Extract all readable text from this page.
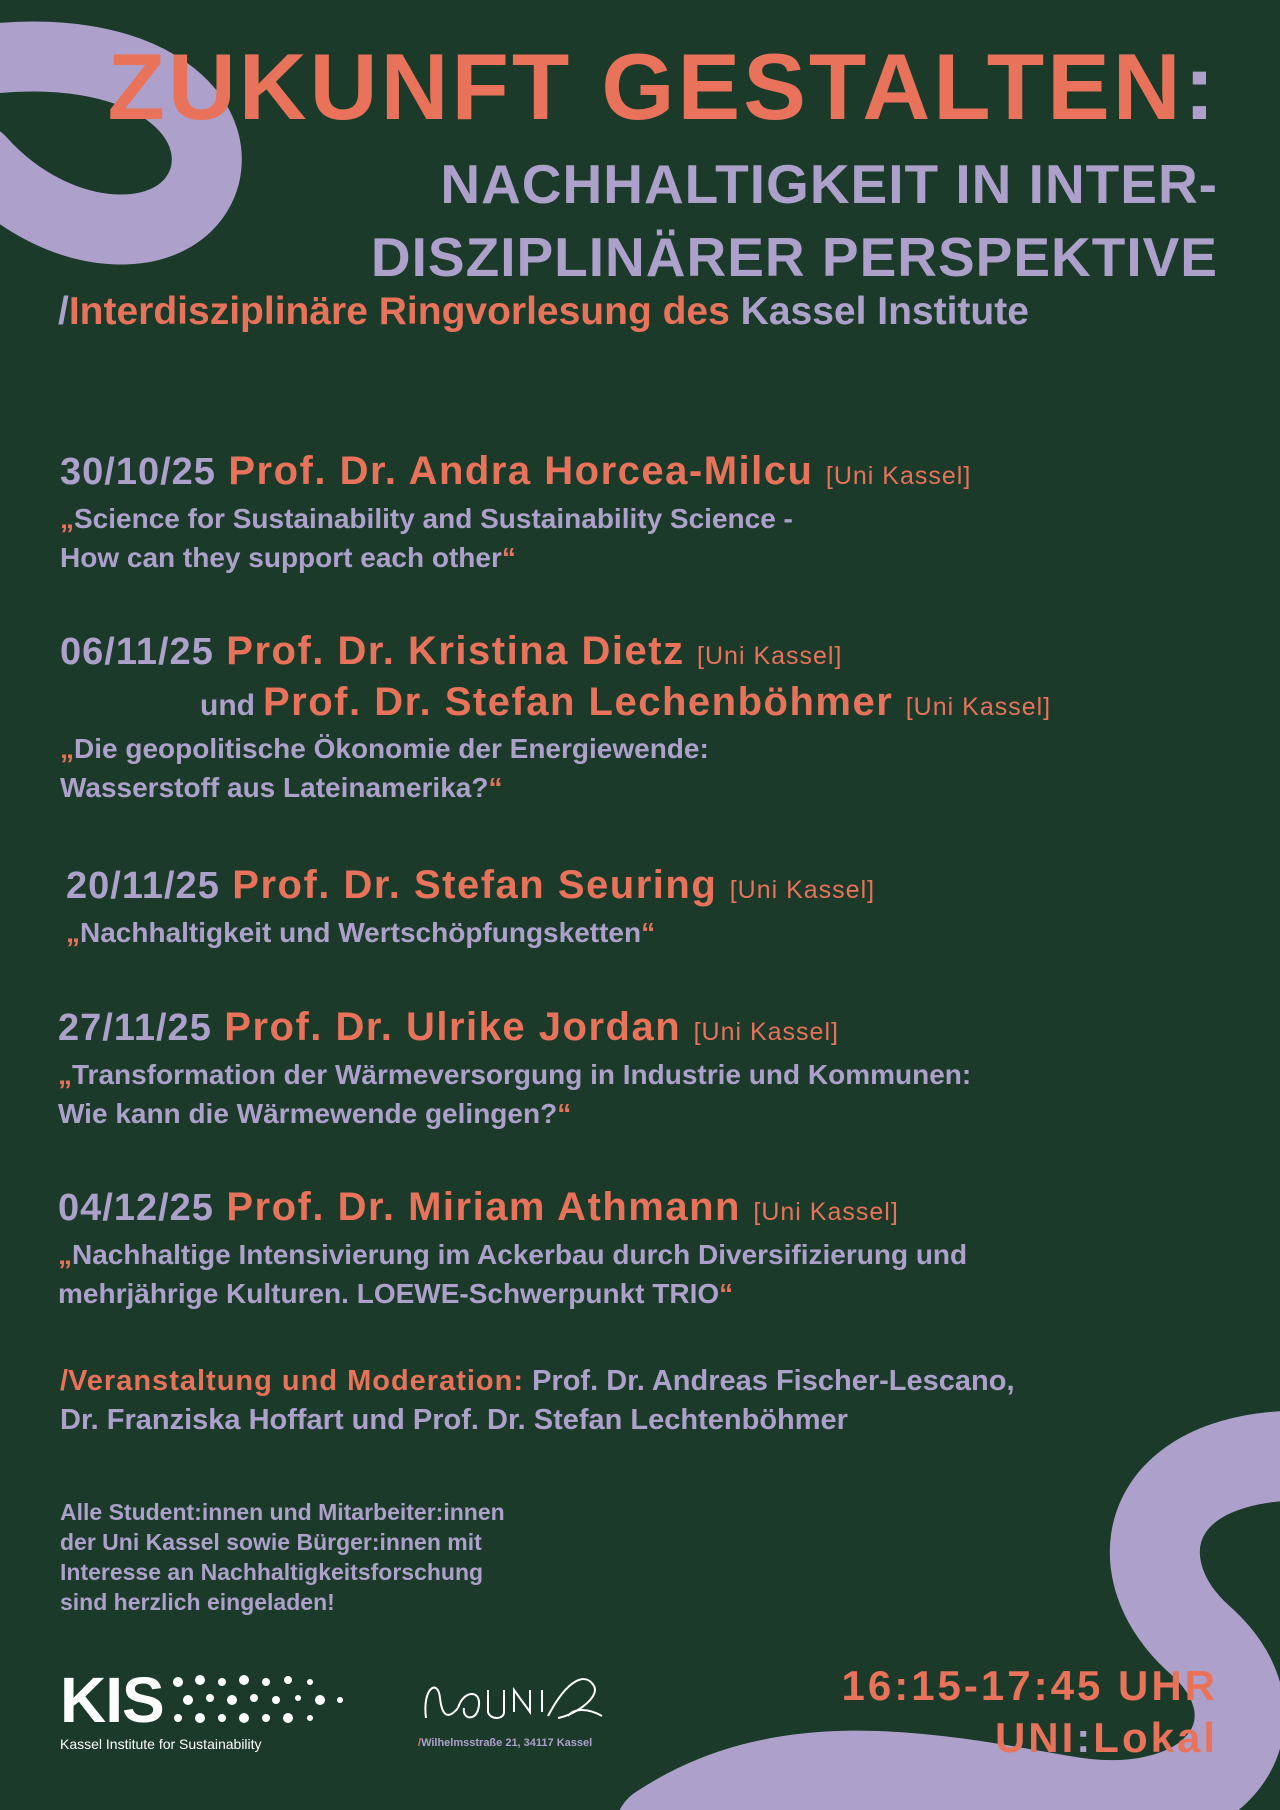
ZUKUNFT GESTALTEN:
NACHHALTIGKEIT IN INTER-
DISZIPLINÄRER PERSPEKTIVE
/Interdisziplinäre Ringvorlesung des Kassel Institute
30/10/25 Prof. Dr. Andra Horcea-Milcu [Uni Kassel]
„Science for Sustainability and Sustainability Science -
How can they support each other“
06/11/25 Prof. Dr. Kristina Dietz [Uni Kassel]
und Prof. Dr. Stefan Lechenböhmer [Uni Kassel]
„Die geopolitische Ökonomie der Energiewende:
Wasserstoff aus Lateinamerika?“
20/11/25 Prof. Dr. Stefan Seuring [Uni Kassel]
„Nachhaltigkeit und Wertschöpfungsketten“
27/11/25 Prof. Dr. Ulrike Jordan [Uni Kassel]
„Transformation der Wärmeversorgung in Industrie und Kommunen:
Wie kann die Wärmewende gelingen?“
04/12/25 Prof. Dr. Miriam Athmann [Uni Kassel]
„Nachhaltige Intensivierung im Ackerbau durch Diversifizierung und
mehrjährige Kulturen. LOEWE-Schwerpunkt TRIO“
/Veranstaltung und Moderation: Prof. Dr. Andreas Fischer-Lescano,
Dr. Franziska Hoffart und Prof. Dr. Stefan Lechtenböhmer
Alle Student:innen und Mitarbeiter:innen
der Uni Kassel sowie Bürger:innen mit
Interesse an Nachhaltigkeitsforschung
sind herzlich eingeladen!
KIS
Kassel Institute for Sustainability	/Wilhelmsstraße 21, 34117 Kassel
16:15-17:45 UHR
UNI:Lokal
